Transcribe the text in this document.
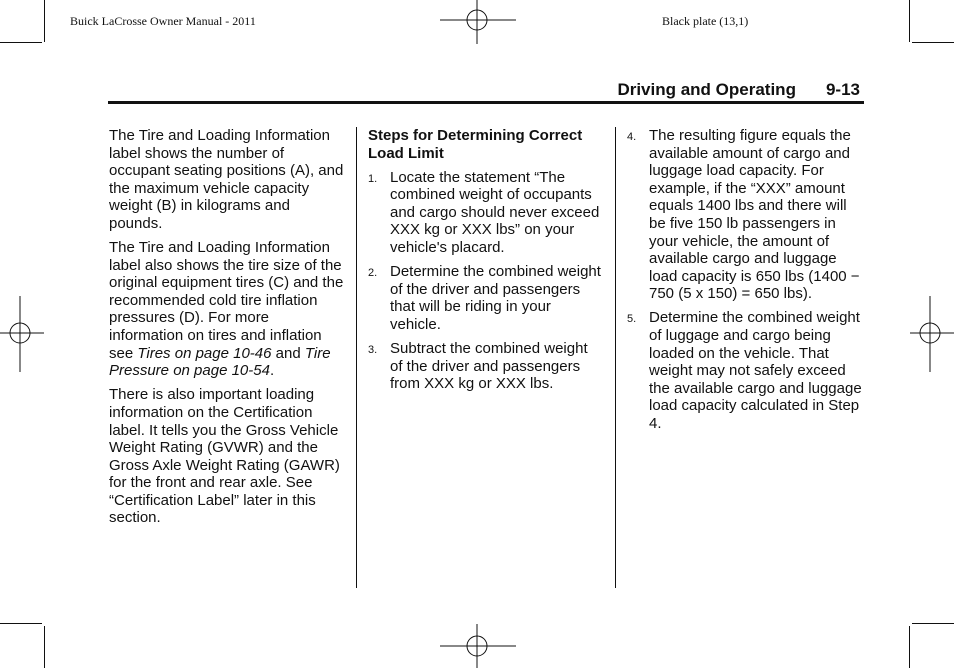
Buick LaCrosse Owner Manual - 2011	Black plate (13,1)
Driving and Operating 9-13

The Tire and Loading Information label shows the number of occupant seating positions (A), and the maximum vehicle capacity weight (B) in kilograms and pounds.

The Tire and Loading Information label also shows the tire size of the original equipment tires (C) and the recommended cold tire inflation pressures (D). For more information on tires and inflation see Tires on page 10-46 and Tire Pressure on page 10-54.

There is also important loading information on the Certification label. It tells you the Gross Vehicle Weight Rating (GVWR) and the Gross Axle Weight Rating (GAWR) for the front and rear axle. See “Certification Label” later in this section.

Steps for Determining Correct Load Limit
1. Locate the statement “The combined weight of occupants and cargo should never exceed XXX kg or XXX lbs” on your vehicle's placard.
2. Determine the combined weight of the driver and passengers that will be riding in your vehicle.
3. Subtract the combined weight of the driver and passengers from XXX kg or XXX lbs.
4. The resulting figure equals the available amount of cargo and luggage load capacity. For example, if the “XXX” amount equals 1400 lbs and there will be five 150 lb passengers in your vehicle, the amount of available cargo and luggage load capacity is 650 lbs (1400 − 750 (5 x 150) = 650 lbs).
5. Determine the combined weight of luggage and cargo being loaded on the vehicle. That weight may not safely exceed the available cargo and luggage load capacity calculated in Step 4.
